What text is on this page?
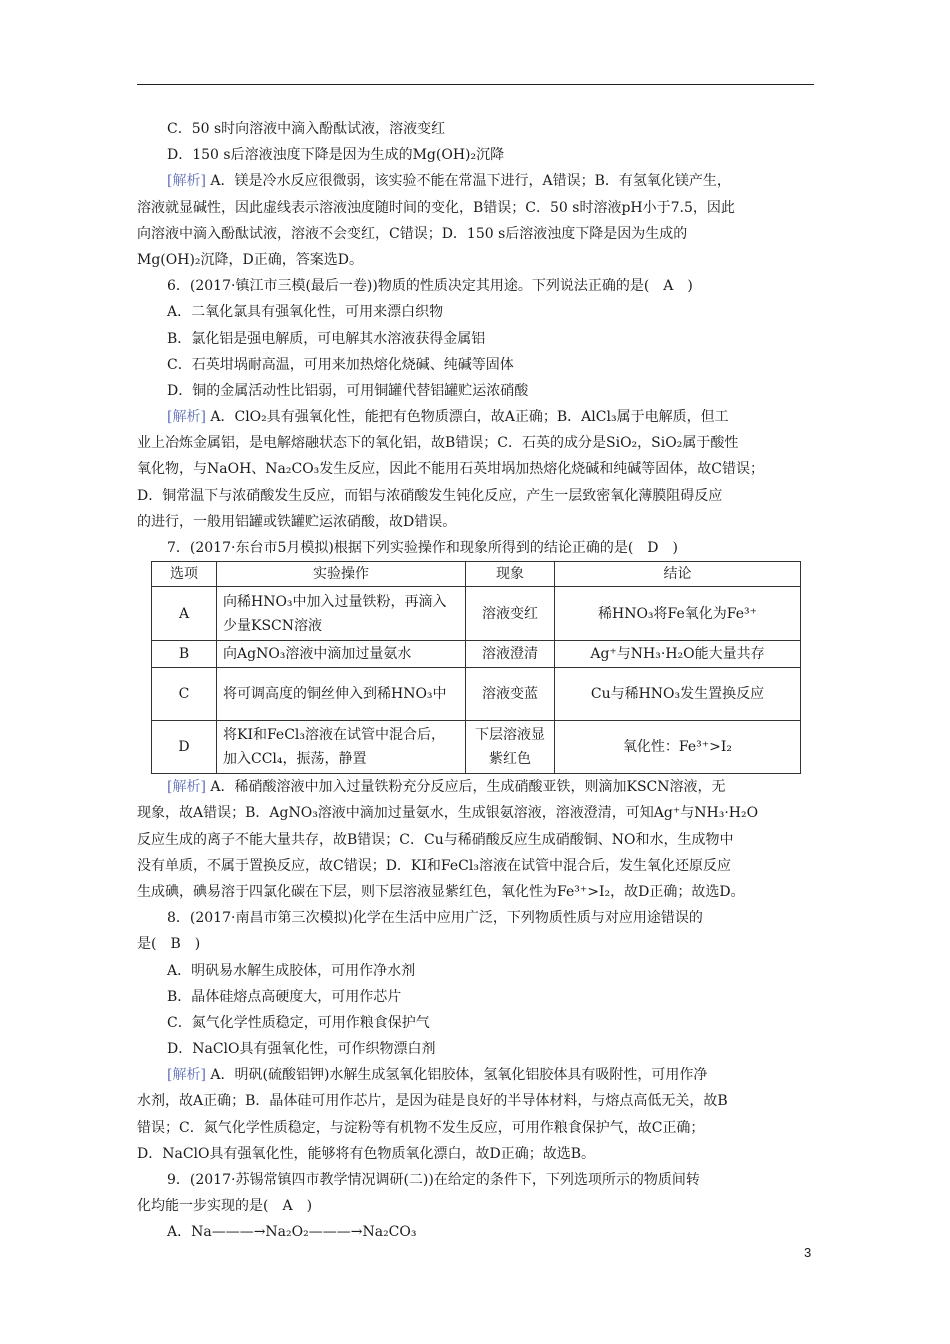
C．50 s时向溶液中滴入酚酞试液，溶液变红
D．150 s后溶液浊度下降是因为生成的Mg(OH)₂沉降
[解析] A．镁是冷水反应很微弱，该实验不能在常温下进行，A错误；B．有氢氧化镁产生，
溶液就显碱性，因此虚线表示溶液浊度随时间的变化，B错误；C．50 s时溶液pH小于7.5，因此
向溶液中滴入酚酞试液，溶液不会变红，C错误；D．150 s后溶液浊度下降是因为生成的
Mg(OH)₂沉降，D正确，答案选D。
6．(2017·镇江市三模(最后一卷))物质的性质决定其用途。下列说法正确的是(　A　)
A．二氧化氯具有强氧化性，可用来漂白织物
B．氯化铝是强电解质，可电解其水溶液获得金属铝
C．石英坩埚耐高温，可用来加热熔化烧碱、纯碱等固体
D．铜的金属活动性比铝弱，可用铜罐代替铝罐贮运浓硝酸
[解析] A．ClO₂具有强氧化性，能把有色物质漂白，故A正确；B．AlCl₃属于电解质，但工
业上冶炼金属铝，是电解熔融状态下的氧化铝，故B错误；C．石英的成分是SiO₂，SiO₂属于酸性
氧化物，与NaOH、Na₂CO₃发生反应，因此不能用石英坩埚加热熔化烧碱和纯碱等固体，故C错误；
D．铜常温下与浓硝酸发生反应，而铝与浓硝酸发生钝化反应，产生一层致密氧化薄膜阻碍反应
的进行，一般用铝罐或铁罐贮运浓硝酸，故D错误。
7．(2017·东台市5月模拟)根据下列实验操作和现象所得到的结论正确的是(　D　)
选项	实验操作	现象	结论
A	向稀HNO₃中加入过量铁粉，再滴入少量KSCN溶液	溶液变红	稀HNO₃将Fe氧化为Fe³⁺
B	向AgNO₃溶液中滴加过量氨水	溶液澄清	Ag⁺与NH₃·H₂O能大量共存
C	将可调高度的铜丝伸入到稀HNO₃中	溶液变蓝	Cu与稀HNO₃发生置换反应
D	将KI和FeCl₃溶液在试管中混合后，加入CCl₄，振荡，静置	下层溶液显紫红色	氧化性：Fe³⁺>I₂
[解析] A．稀硝酸溶液中加入过量铁粉充分反应后，生成硝酸亚铁，则滴加KSCN溶液，无
现象，故A错误；B．AgNO₃溶液中滴加过量氨水，生成银氨溶液，溶液澄清，可知Ag⁺与NH₃·H₂O
反应生成的离子不能大量共存，故B错误；C．Cu与稀硝酸反应生成硝酸铜、NO和水，生成物中
没有单质，不属于置换反应，故C错误；D．KI和FeCl₃溶液在试管中混合后，发生氧化还原反应
生成碘，碘易溶于四氯化碳在下层，则下层溶液显紫红色，氧化性为Fe³⁺>I₂，故D正确；故选D。
8．(2017·南昌市第三次模拟)化学在生活中应用广泛，下列物质性质与对应用途错误的
是(　B　)
A．明矾易水解生成胶体，可用作净水剂
B．晶体硅熔点高硬度大，可用作芯片
C．氮气化学性质稳定，可用作粮食保护气
D．NaClO具有强氧化性，可作织物漂白剂
[解析] A．明矾(硫酸铝钾)水解生成氢氧化铝胶体，氢氧化铝胶体具有吸附性，可用作净
水剂，故A正确；B．晶体硅可用作芯片，是因为硅是良好的半导体材料，与熔点高低无关，故B
错误；C．氮气化学性质稳定，与淀粉等有机物不发生反应，可用作粮食保护气，故C正确；
D．NaClO具有强氧化性，能够将有色物质氧化漂白，故D正确；故选B。
9．(2017·苏锡常镇四市教学情况调研(二))在给定的条件下，下列选项所示的物质间转
化均能一步实现的是(　A　)
A．Na———→Na₂O₂———→Na₂CO₃
3
